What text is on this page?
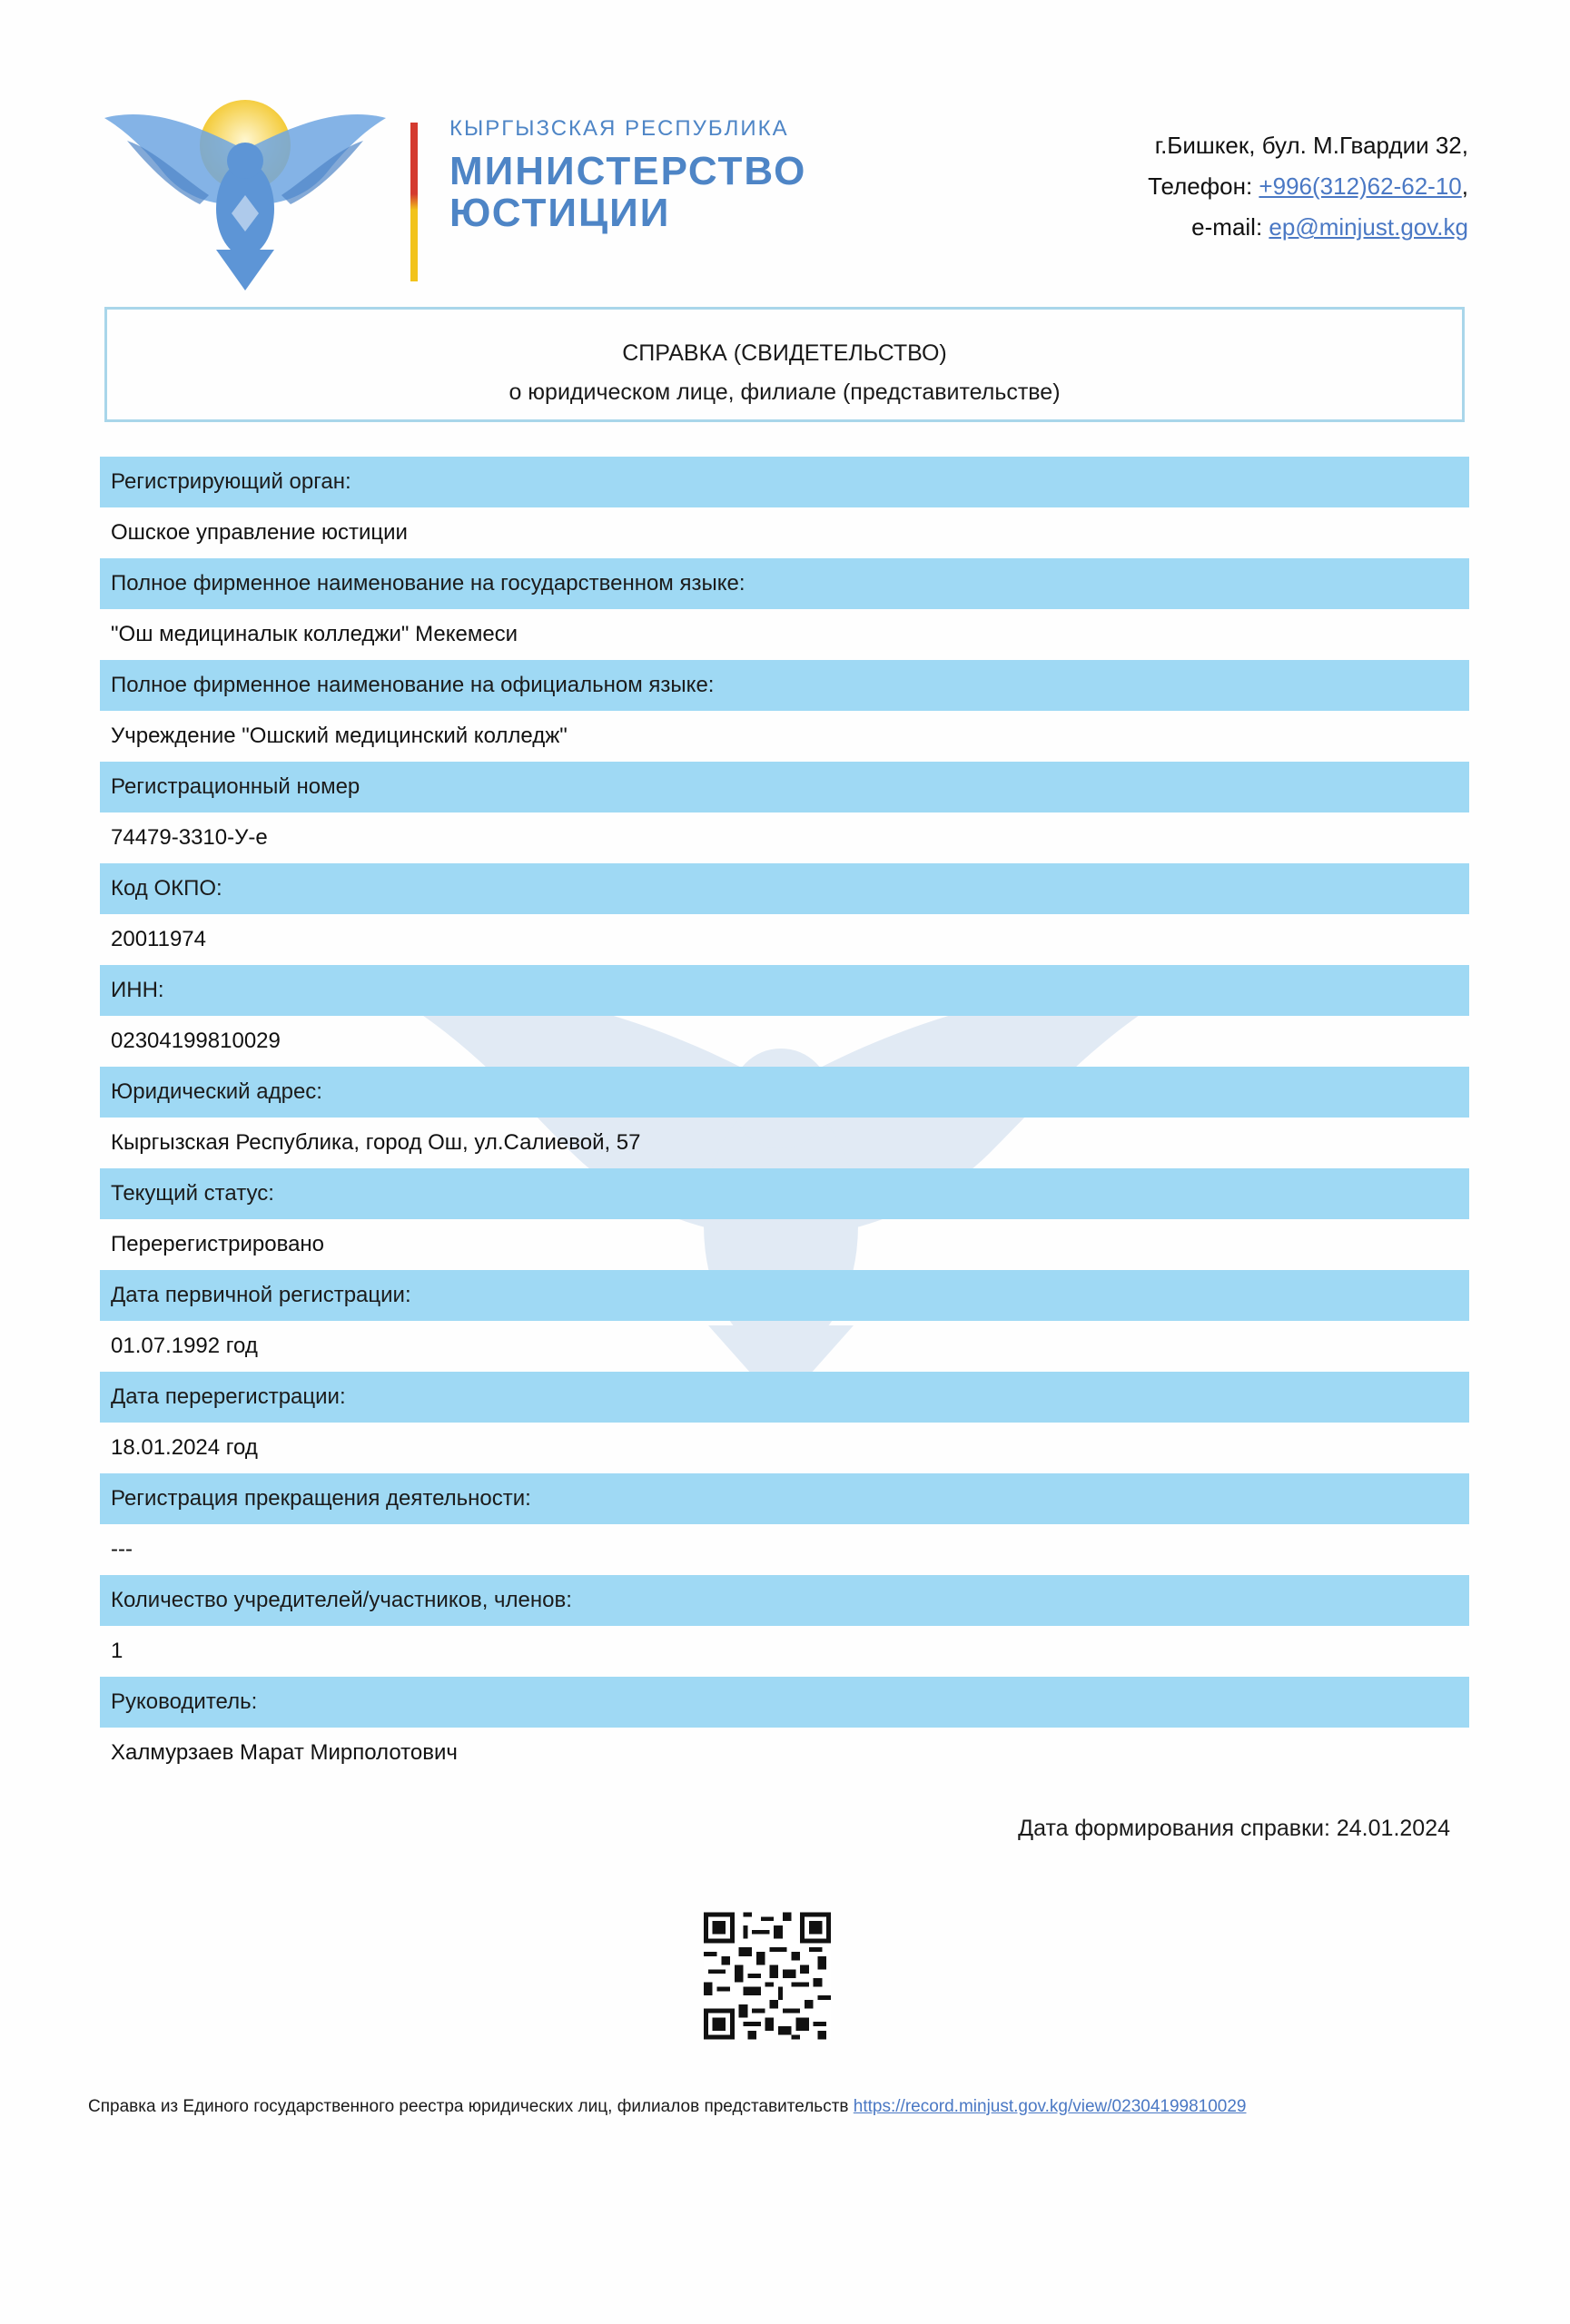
КЫРГЫЗСКАЯ РЕСПУБЛИКА
МИНИСТЕРСТВО
ЮСТИЦИИ
г.Бишкек, бул. М.Гвардии 32,
Телефон: +996(312)62-62-10,
e-mail: ep@minjust.gov.kg
СПРАВКА (СВИДЕТЕЛЬСТВО)
о юридическом лице, филиале (представительстве)
Регистрирующий орган:
Ошское управление юстиции
Полное фирменное наименование на государственном языке:
"Ош медициналык колледжи" Мекемеси
Полное фирменное наименование на официальном языке:
Учреждение "Ошский медицинский колледж"
Регистрационный номер
74479-3310-У-е
Код ОКПО:
20011974
ИНН:
02304199810029
Юридический адрес:
Кыргызская Республика, город Ош, ул.Салиевой, 57
Текущий статус:
Перерегистрировано
Дата первичной регистрации:
01.07.1992 год
Дата перерегистрации:
18.01.2024 год
Регистрация прекращения деятельности:
---
Количество учредителей/участников, членов:
1
Руководитель:
Халмурзаев Марат Мирполотович
Дата формирования справки: 24.01.2024
Справка из Единого государственного реестра юридических лиц, филиалов представительств https://record.minjust.gov.kg/view/02304199810029
